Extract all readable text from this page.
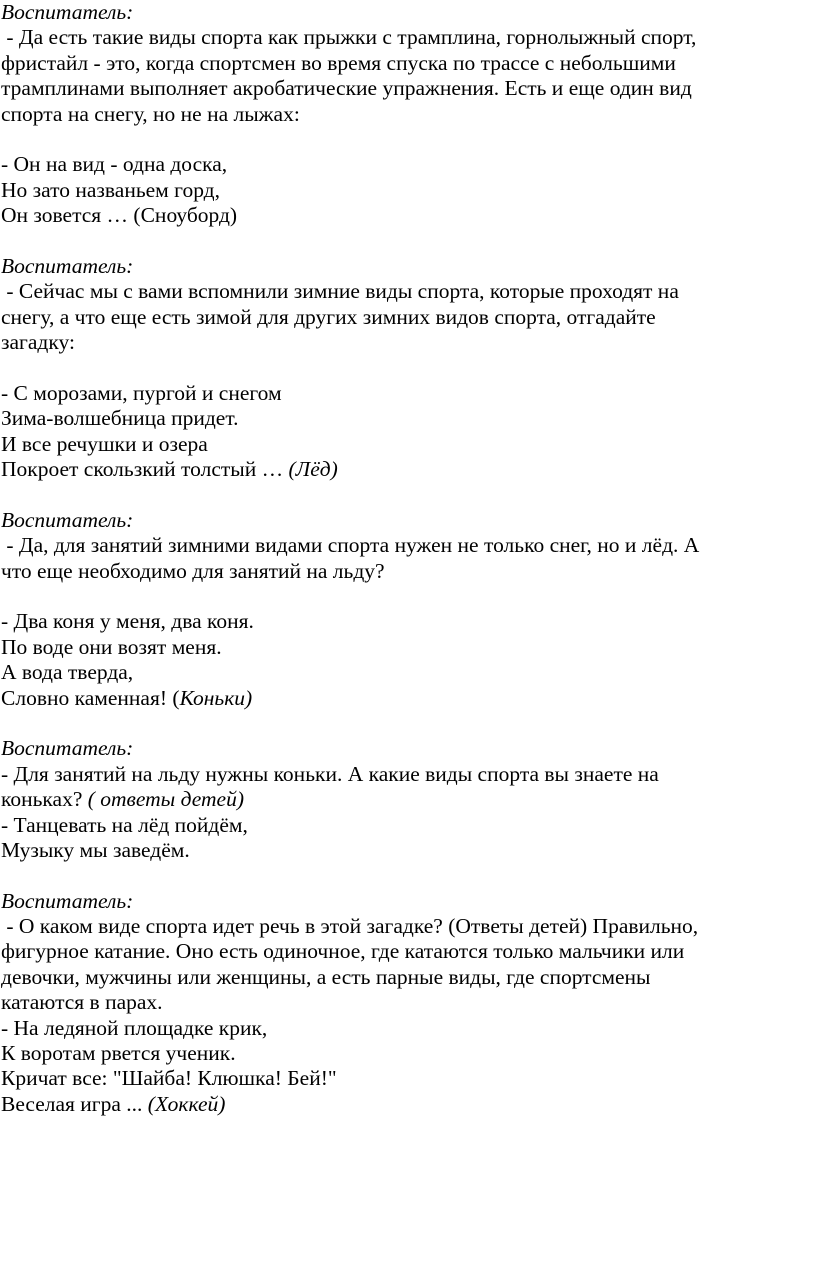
Воспитатель:
- Да есть такие виды спорта как прыжки с трамплина, горнолыжный спорт,
фристайл - это, когда спортсмен во время спуска по трассе с небольшими
трамплинами выполняет акробатические упражнения. Есть и еще один вид
спорта на снегу, но не на лыжах:
- Он на вид - одна доска,
Но зато названьем горд,
Он зовется … (Сноуборд)
Воспитатель:
- Сейчас мы с вами вспомнили зимние виды спорта, которые проходят на
снегу, а что еще есть зимой для других зимних видов спорта, отгадайте
загадку:
- С морозами, пургой и снегом
Зима-волшебница придет.
И все речушки и озера
Покроет скользкий толстый … (Лёд)
Воспитатель:
- Да, для занятий зимними видами спорта нужен не только снег, но и лёд. А
что еще необходимо для занятий на льду?
- Два коня у меня, два коня.
По воде они возят меня.
А вода тверда,
Словно каменная! (Коньки)
Воспитатель:
- Для занятий на льду нужны коньки. А какие виды спорта вы знаете на
коньках? ( ответы детей)
- Танцевать на лёд пойдём,
Музыку мы заведём.
Воспитатель:
- О каком виде спорта идет речь в этой загадке? (Ответы детей) Правильно,
фигурное катание. Оно есть одиночное, где катаются только мальчики или
девочки, мужчины или женщины, а есть парные виды, где спортсмены
катаются в парах.
- На ледяной площадке крик,
К воротам рвется ученик.
Кричат все: "Шайба! Клюшка! Бей!"
Веселая игра ... (Хоккей)
